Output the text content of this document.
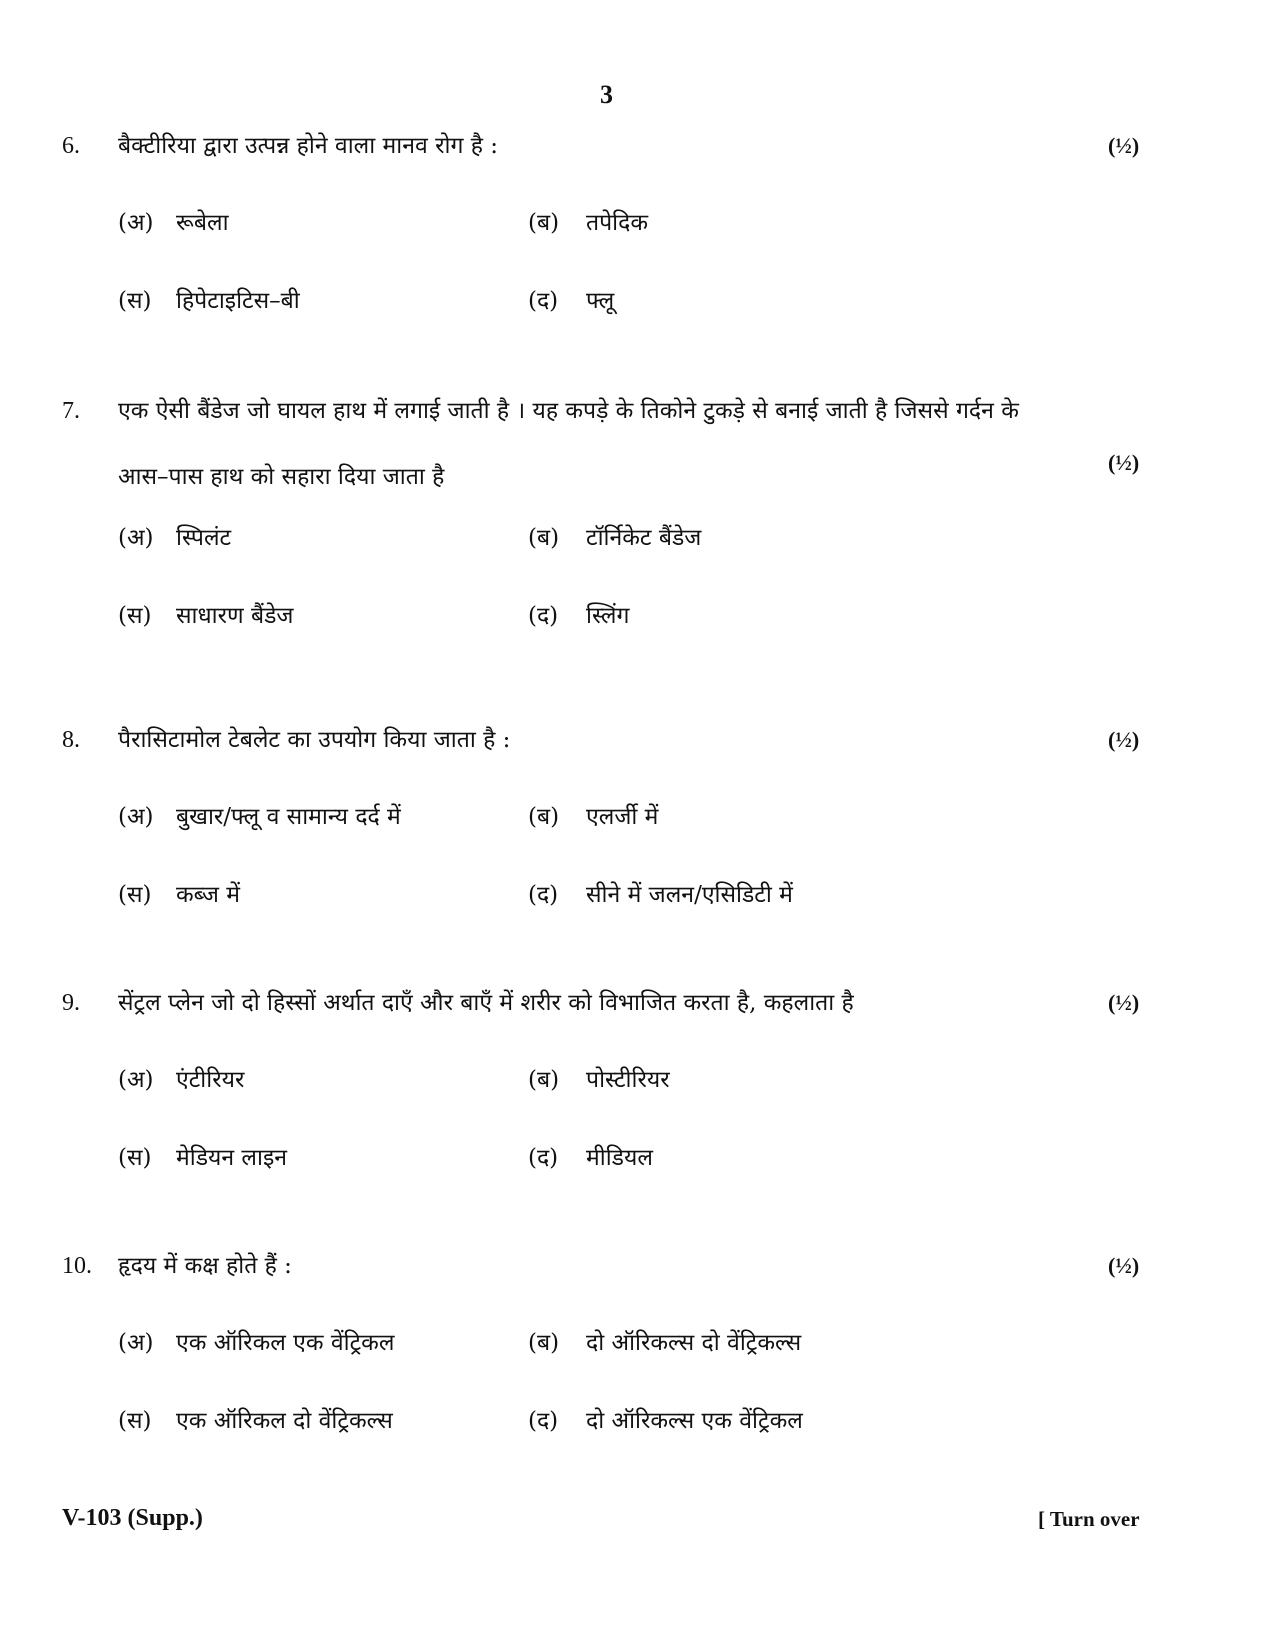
3
6. बैक्टीरिया द्वारा उत्पन्न होने वाला मानव रोग है :	(½)
(अ) रूबेला	(ब) तपेदिक
(स) हिपेटाइटिस–बी	(द) फ्लू
7. एक ऐसी बैंडेज जो घायल हाथ में लगाई जाती है । यह कपड़े के तिकोने टुकड़े से बनाई जाती है जिससे गर्दन के आस–पास हाथ को सहारा दिया जाता है
(½)
(अ) स्पिलंट	(ब) टॉर्निकेट बैंडेज
(स) साधारण बैंडेज	(द) स्लिंग
8. पैरासिटामोल टेबलेट का उपयोग किया जाता है :	(½)
(अ) बुखार/फ्लू व सामान्य दर्द में	(ब) एलर्जी में
(स) कब्ज में	(द) सीने में जलन/एसिडिटी में
9. सेंट्रल प्लेन जो दो हिस्सों अर्थात दाएँ और बाएँ में शरीर को विभाजित करता है, कहलाता है	(½)
(अ) एंटीरियर	(ब) पोस्टीरियर
(स) मेडियन लाइन	(द) मीडियल
10. हृदय में कक्ष होते हैं :	(½)
(अ) एक ऑरिकल एक वेंट्रिकल	(ब) दो ऑरिकल्स दो वेंट्रिकल्स
(स) एक ऑरिकल दो वेंट्रिकल्स	(द) दो ऑरिकल्स एक वेंट्रिकल
V-103 (Supp.)	[ Turn over
